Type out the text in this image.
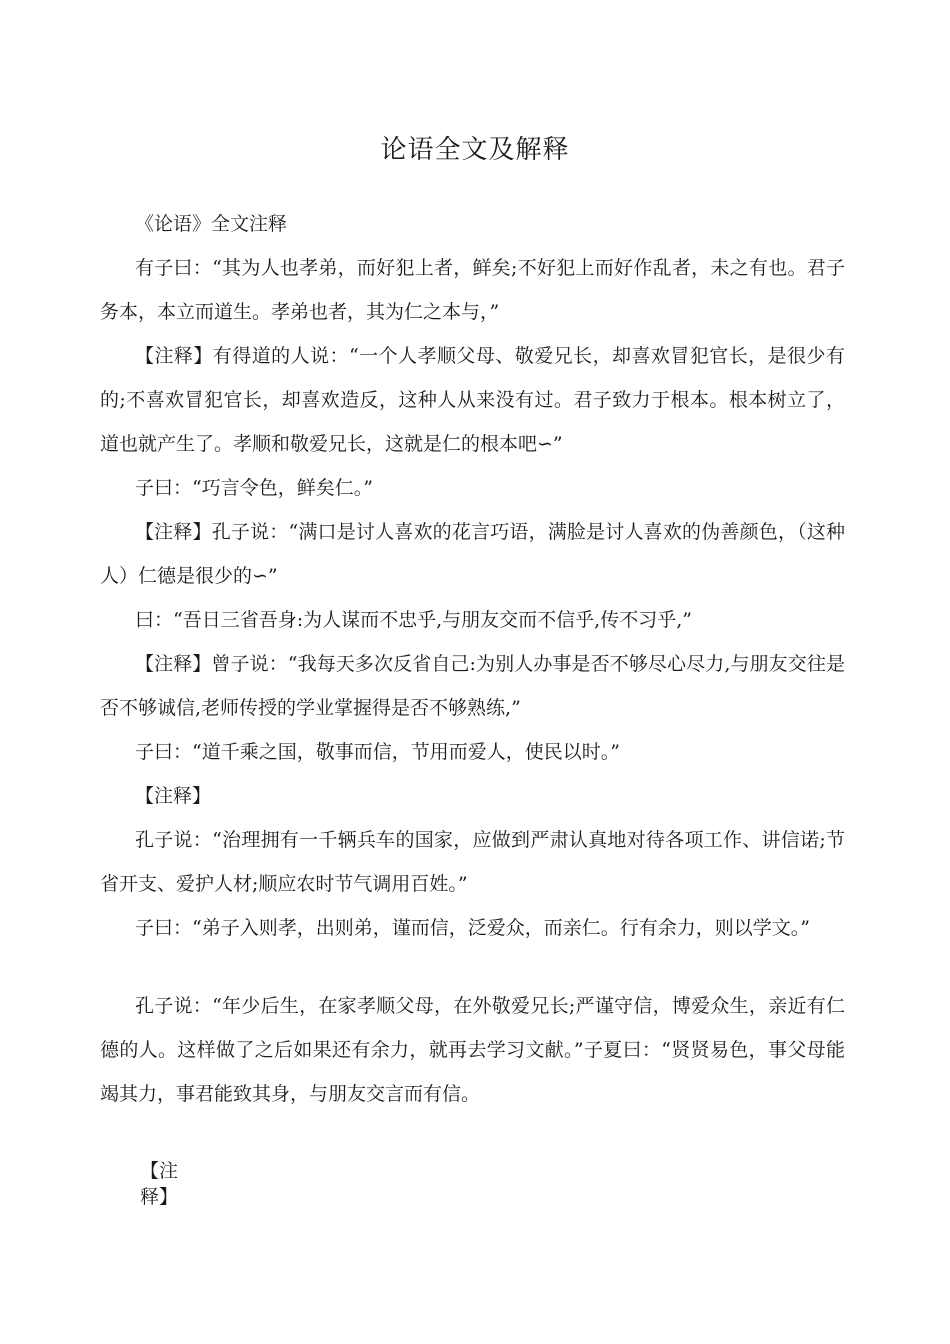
论语全文及解释

《论语》全文注释

有子曰：“其为人也孝弟，而好犯上者，鲜矣;不好犯上而好作乱者，未之有也。君子务本，本立而道生。孝弟也者，其为仁之本与，”

【注释】有得道的人说：“一个人孝顺父母、敬爱兄长，却喜欢冒犯官长，是很少有的;不喜欢冒犯官长，却喜欢造反，这种人从来没有过。君子致力于根本。根本树立了，道也就产生了。孝顺和敬爱兄长，这就是仁的根本吧∽”

子曰：“巧言令色，鲜矣仁。”

【注释】孔子说：“满口是讨人喜欢的花言巧语，满脸是讨人喜欢的伪善颜色，（这种人）仁德是很少的∽”

曰：“吾日三省吾身:为人谋而不忠乎,与朋友交而不信乎,传不习乎,”

【注释】曾子说：“我每天多次反省自己:为别人办事是否不够尽心尽力,与朋友交往是否不够诚信,老师传授的学业掌握得是否不够熟练,”

子曰：“道千乘之国，敬事而信，节用而爱人，使民以时。”

【注释】

孔子说：“治理拥有一千辆兵车的国家，应做到严肃认真地对待各项工作、讲信诺;节省开支、爱护人材;顺应农时节气调用百姓。”

子曰：“弟子入则孝，出则弟，谨而信，泛爱众，而亲仁。行有余力，则以学文。”

孔子说：“年少后生，在家孝顺父母，在外敬爱兄长;严谨守信，博爱众生，亲近有仁德的人。这样做了之后如果还有余力，就再去学习文献。”子夏曰：“贤贤易色，事父母能竭其力，事君能致其身，与朋友交言而有信。

【注释】
